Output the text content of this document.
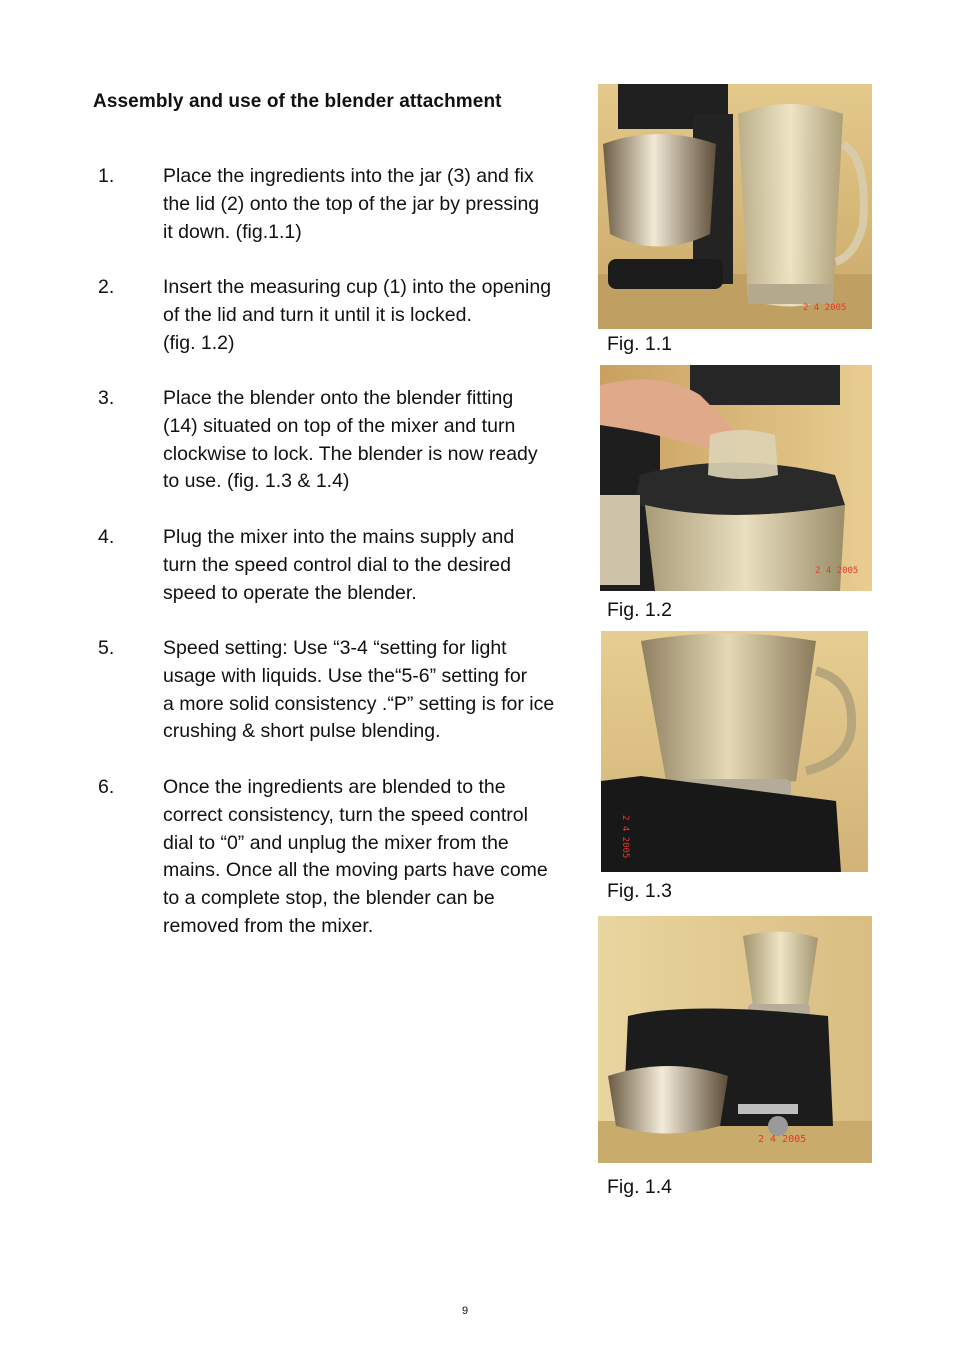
Assembly and use of the blender attachment
1. Place the ingredients into the jar (3) and fix
the lid (2) onto the top of the jar by pressing
it down. (fig.1.1)
2. Insert the measuring cup (1) into the opening
of the lid and turn it until it is locked.
(fig. 1.2)
3. Place the blender onto the blender fitting
(14) situated on top of the mixer and turn
clockwise to lock. The blender is now ready
to use. (fig. 1.3 & 1.4)
4. Plug the mixer into the mains supply and
turn the speed control dial to the desired
speed to operate the blender.
5. Speed setting: Use “3-4 “setting for light
usage with liquids. Use the“5-6” setting for
a more solid consistency .“P” setting is for ice
crushing & short pulse blending.
6. Once the ingredients are blended to the
correct consistency, turn the speed control
dial to “0” and unplug the mixer from the
mains. Once all the moving parts have come
to a complete stop, the blender can be
removed from the mixer.
2 4 2005
Fig. 1.1
2 4 2005
Fig. 1.2
2 4 2005
Fig. 1.3
2 4 2005
Fig. 1.4
9
